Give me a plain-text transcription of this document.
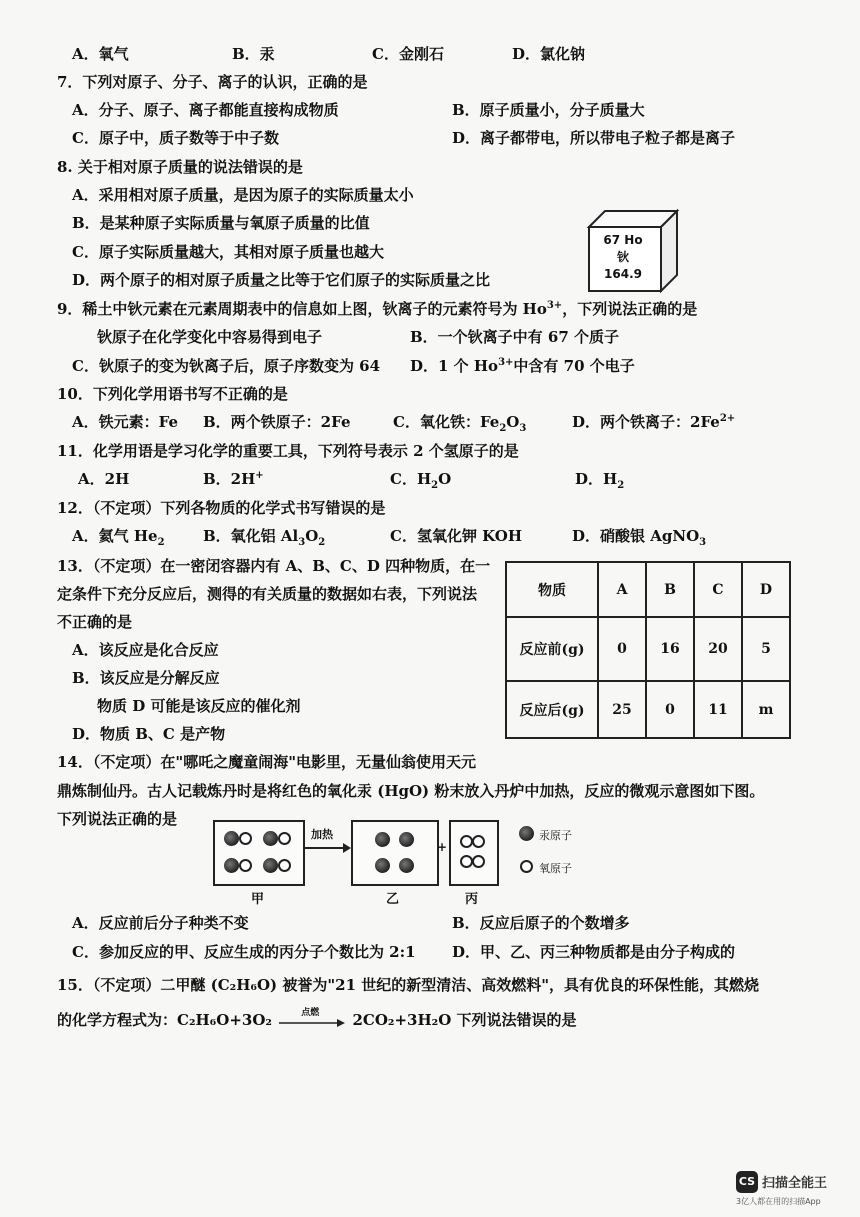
A．氧气	B．汞	C．金刚石	D．氯化钠
7．下列对原子、分子、离子的认识，正确的是
A．分子、原子、离子都能直接构成物质	B．原子质量小，分子质量大
C．原子中，质子数等于中子数	D．离子都带电，所以带电子粒子都是离子
8. 关于相对原子质量的说法错误的是
A．采用相对原子质量，是因为原子的实际质量太小
B．是某种原子实际质量与氧原子质量的比值
C．原子实际质量越大，其相对原子质量也越大
D．两个原子的相对原子质量之比等于它们原子的实际质量之比
67 Ho
钬
164.9
9．稀土中钬元素在元素周期表中的信息如上图，钬离子的元素符号为 $Ho^{3+}$，下列说法正确的是
钬原子在化学变化中容易得到电子	B．一个钬离子中有 67 个质子
C．钬原子的变为钬离子后，原子序数变为 64 D．1 个 $Ho^{3+}$中含有 70 个电子
10．下列化学用语书写不正确的是
A．铁元素：Fe B．两个铁原子：2Fe	C．氧化铁：$Fe_2O_3$	D．两个铁离子：$2Fe^{2+}$
11．化学用语是学习化学的重要工具，下列符号表示 2 个氢原子的是
A．2H	B．2H+	C．$H_2O$	D．$H_2$
12．（不定项）下列各物质的化学式书写错误的是
A．氦气 $He_2$	B．氧化铝 $Al_3O_2$	C．氢氧化钾 KOH	D．硝酸银 AgNO$_3$
13．（不定项）在一密闭容器内有 A、B、C、D 四种物质，在一
定条件下充分反应后，测得的有关质量的数据如右表，下列说法
不正确的是
A．该反应是化合反应
B．该反应是分解反应
物质 D 可能是该反应的催化剂
D．物质 B、C 是产物
物质	A	B	C	D
反应前(g)	0	16	20	5
反应后(g)	25	0	11	m
14．（不定项）在"哪吒之魔童闹海"电影里，无量仙翁使用天元
鼎炼制仙丹。古人记载炼丹时是将红色的氧化汞 (HgO) 粉末放入丹炉中加热，反应的微观示意图如下图。
下列说法正确的是
加热
+
汞原子
氧原子
甲	乙	丙
A．反应前后分子种类不变	B．反应后原子的个数增多
C．参加反应的甲、反应生成的丙分子个数比为 2:1 D．甲、乙、丙三种物质都是由分子构成的
15．（不定项）二甲醚 (C₂H₆O) 被誉为"21 世纪的新型清洁、高效燃料"，具有优良的环保性能，其燃烧
的化学方程式为：C₂H₆O+3O₂	点燃 2CO₂+3H₂O 下列说法错误的是
CS 扫描全能王
3亿人都在用的扫描App
